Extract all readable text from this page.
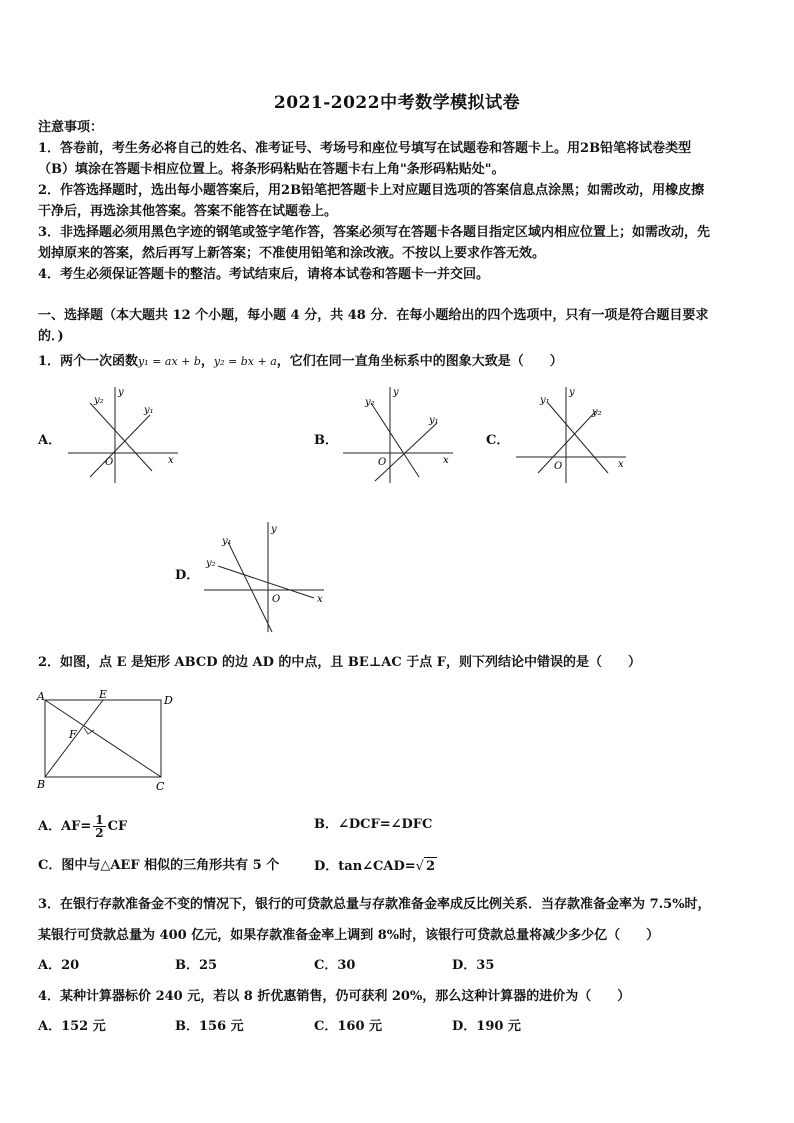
2021-2022中考数学模拟试卷
注意事项：
1．答卷前，考生务必将自己的姓名、准考证号、考场号和座位号填写在试题卷和答题卡上。用2B铅笔将试卷类型
（B）填涂在答题卡相应位置上。将条形码粘贴在答题卡右上角"条形码粘贴处"。
2．作答选择题时，选出每小题答案后，用2B铅笔把答题卡上对应题目选项的答案信息点涂黑；如需改动，用橡皮擦
干净后，再选涂其他答案。答案不能答在试题卷上。
3．非选择题必须用黑色字迹的钢笔或签字笔作答，答案必须写在答题卡各题目指定区域内相应位置上；如需改动，先
划掉原来的答案，然后再写上新答案；不准使用铅笔和涂改液。不按以上要求作答无效。
4．考生必须保证答题卡的整洁。考试结束后，请将本试卷和答题卡一并交回。
一、选择题（本大题共 12 个小题，每小题 4 分，共 48 分．在每小题给出的四个选项中，只有一项是符合题目要求
的．)
1．两个一次函数y₁ = ax + b，y₂ = bx + a，它们在同一直角坐标系中的图象大致是（　　）
A．
y₂
y
y₁
O	x
B．
y₂
y
y₁
O	x
C．
y₁
y
y₂
O	x
D．
y₁
y₂
y
O	x
2．如图，点 E 是矩形 ABCD 的边 AD 的中点，且 BE⊥AC 于点 F，则下列结论中错误的是（　　）
A	E	D
F
B	C
A．$AF= \frac{1}{2}$ CF	B．∠DCF=∠DFC
C．图中与△AEF 相似的三角形共有 5 个	D．tan∠CAD=√ 2
3．在银行存款准备金不变的情况下，银行的可贷款总量与存款准备金率成反比例关系．当存款准备金率为 7.5%时，
某银行可贷款总量为 400 亿元，如果存款准备金率上调到 8%时，该银行可贷款总量将减少多少亿（　　）
A．20	B．25	C．30	D．35
4．某种计算器标价 240 元，若以 8 折优惠销售，仍可获利 20%，那么这种计算器的进价为（　　）
A．152 元	B．156 元	C．160 元	D．190 元
